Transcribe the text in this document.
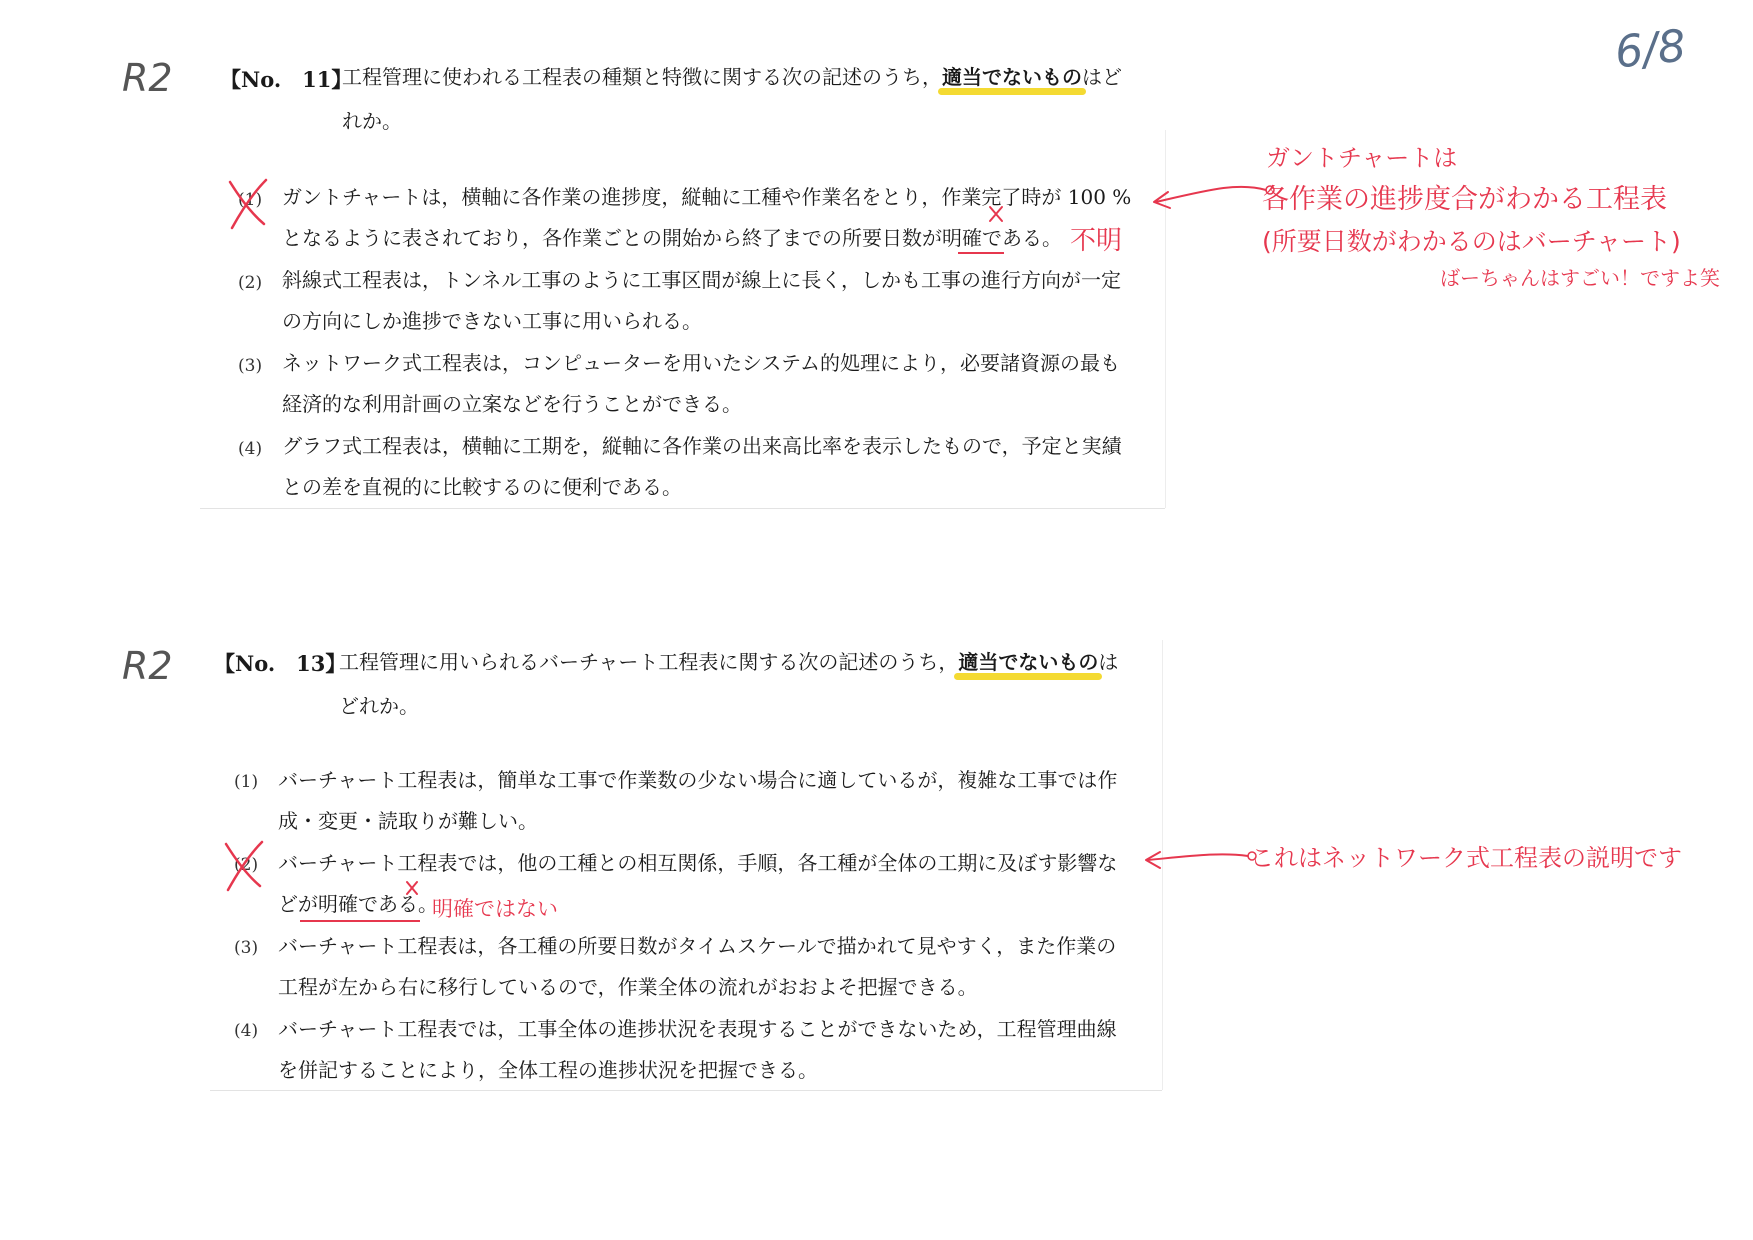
6/8
R2 【No.　11】
工程管理に使われる工程表の種類と特徴に関する次の記述のうち，適当でないものはど
れか。
(1) ガントチャートは，横軸に各作業の進捗度，縦軸に工種や作業名をとり，作業完了時が 100 %
となるように表されており，各作業ごとの開始から終了までの所要日数が明確である。
(2) 斜線式工程表は，トンネル工事のように工事区間が線上に長く，しかも工事の進行方向が一定
の方向にしか進捗できない工事に用いられる。
(3) ネットワーク式工程表は，コンピューターを用いたシステム的処理により，必要諸資源の最も
経済的な利用計画の立案などを行うことができる。
(4) グラフ式工程表は，横軸に工期を，縦軸に各作業の出来高比率を表示したもので，予定と実績
との差を直視的に比較するのに便利である。
不明
ガントチャートは
各作業の進捗度合がわかる工程表
(所要日数がわかるのはバーチャート)
ばーちゃんはすごい！ですよ笑
R2 【No.　13】
工程管理に用いられるバーチャート工程表に関する次の記述のうち，適当でないものは
どれか。
(1) バーチャート工程表は，簡単な工事で作業数の少ない場合に適しているが，複雑な工事では作
成・変更・読取りが難しい。
(2) バーチャート工程表では，他の工種との相互関係，手順，各工種が全体の工期に及ぼす影響な
どが明確である。
(3) バーチャート工程表は，各工種の所要日数がタイムスケールで描かれて見やすく，また作業の
工程が左から右に移行しているので，作業全体の流れがおおよそ把握できる。
(4) バーチャート工程表では，工事全体の進捗状況を表現することができないため，工程管理曲線
を併記することにより，全体工程の進捗状況を把握できる。
明確ではない
これはネットワーク式工程表の説明です
